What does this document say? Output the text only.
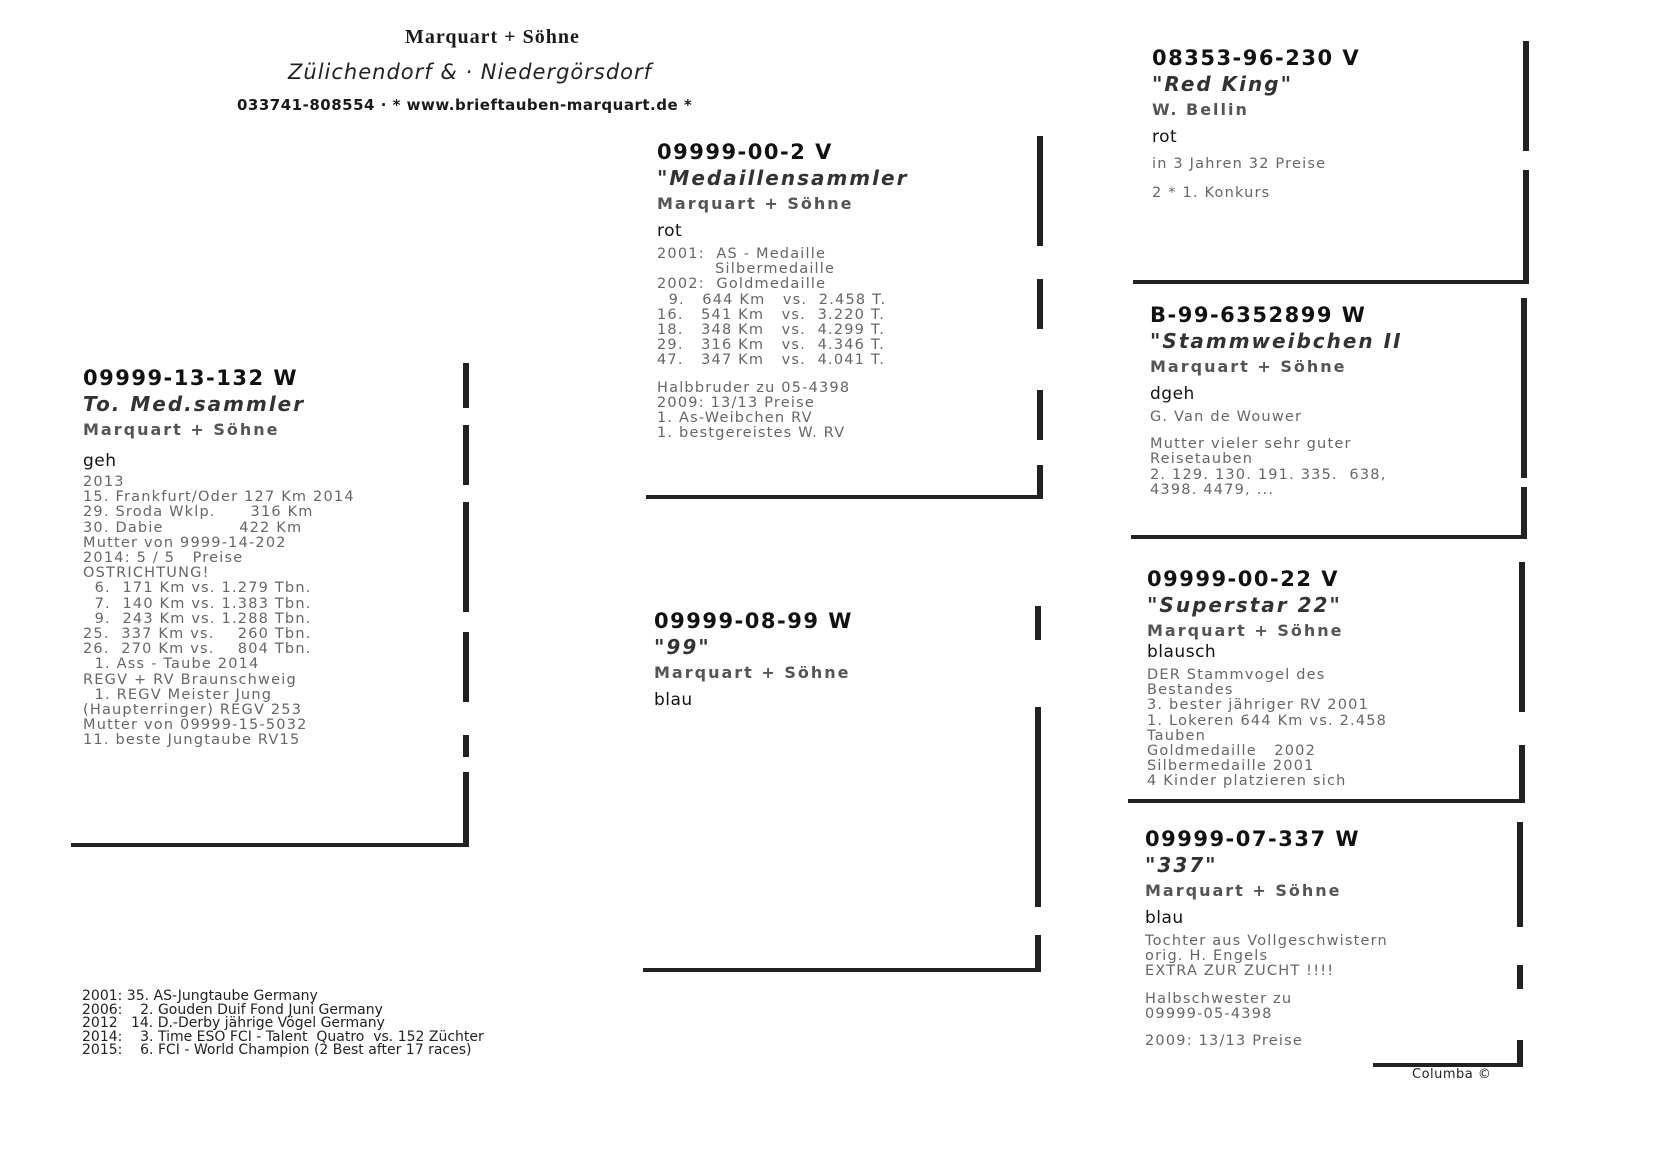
Marquart + Söhne
Zülichendorf & · Niedergörsdorf
033741-808554 · * www.brieftauben-marquart.de *
09999-13-132 W
To. Med.sammler
Marquart + Söhne
geh
2013
15. Frankfurt/Oder 127 Km 2014
29. Sroda Wklp.      316 Km
30. Dabie             422 Km
Mutter von 9999-14-202
2014: 5 / 5   Preise
OSTRICHTUNG!
6.  171 Km vs. 1.279 Tbn.
7.  140 Km vs. 1.383 Tbn.
9.  243 Km vs. 1.288 Tbn.
25.  337 Km vs.    260 Tbn.
26.  270 Km vs.    804 Tbn.
1. Ass - Taube 2014
REGV + RV Braunschweig
1. REGV Meister Jung
(Haupterringer) REGV 253
Mutter von 09999-15-5032
11. beste Jungtaube RV15
09999-00-2 V
"Medaillensammler
Marquart + Söhne
rot
2001:  AS - Medaille
Silbermedaille
2002:  Goldmedaille
9.   644 Km   vs.  2.458 T.
16.   541 Km   vs.  3.220 T.
18.   348 Km   vs.  4.299 T.
29.   316 Km   vs.  4.346 T.
47.   347 Km   vs.  4.041 T.
Halbbruder zu 05-4398
2009: 13/13 Preise
1. As-Weibchen RV
1. bestgereistes W. RV
09999-08-99 W
"99"
Marquart + Söhne
blau
08353-96-230 V
"Red King"
W. Bellin
rot
in 3 Jahren 32 Preise
2 * 1. Konkurs
B-99-6352899 W
"Stammweibchen II
Marquart + Söhne
dgeh
G. Van de Wouwer
Mutter vieler sehr guter
Reisetauben
2. 129. 130. 191. 335.  638,
4398. 4479, ...
09999-00-22 V
"Superstar 22"
Marquart + Söhne
blausch
DER Stammvogel des
Bestandes
3. bester jähriger RV 2001
1. Lokeren 644 Km vs. 2.458
Tauben
Goldmedaille   2002
Silbermedaille 2001
4 Kinder platzieren sich
09999-07-337 W
"337"
Marquart + Söhne
blau
Tochter aus Vollgeschwistern
orig. H. Engels
EXTRA ZUR ZUCHT !!!!
Halbschwester zu
09999-05-4398
2009: 13/13 Preise
2001: 35. AS-Jungtaube Germany
2006:    2. Gouden Duif Fond Juni Germany
2012   14. D.-Derby jährige Vögel Germany
2014:    3. Time ESO FCI - Talent  Quatro  vs. 152 Züchter
2015:    6. FCI - World Champion (2 Best after 17 races)
Columba ©
